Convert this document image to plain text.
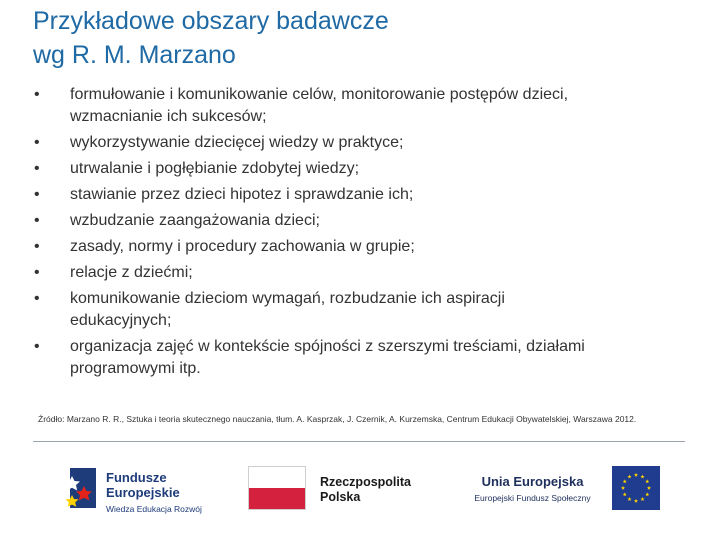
Przykładowe obszary badawcze
wg R. M. Marzano
• formułowanie i komunikowanie celów, monitorowanie postępów dzieci,
wzmacnianie ich sukcesów;
• wykorzystywanie dziecięcej wiedzy w praktyce;
• utrwalanie i pogłębianie zdobytej wiedzy;
• stawianie przez dzieci hipotez i sprawdzanie ich;
• wzbudzanie zaangażowania dzieci;
• zasady, normy i procedury zachowania w grupie;
• relacje z dziećmi;
• komunikowanie dzieciom wymagań, rozbudzanie ich aspiracji
edukacyjnych;
• organizacja zajęć w kontekście spójności z szerszymi treściami, działami
programowymi itp.
Źródło: Marzano R. R., Sztuka i teoria skutecznego nauczania, tłum. A. Kasprzak, J. Czernik, A. Kurzemska, Centrum Edukacji Obywatelskiej, Warszawa 2012.
Fundusze
Europejskie
Wiedza Edukacja Rozwój
Rzeczpospolita
Polska
Unia Europejska
Europejski Fundusz Społeczny
